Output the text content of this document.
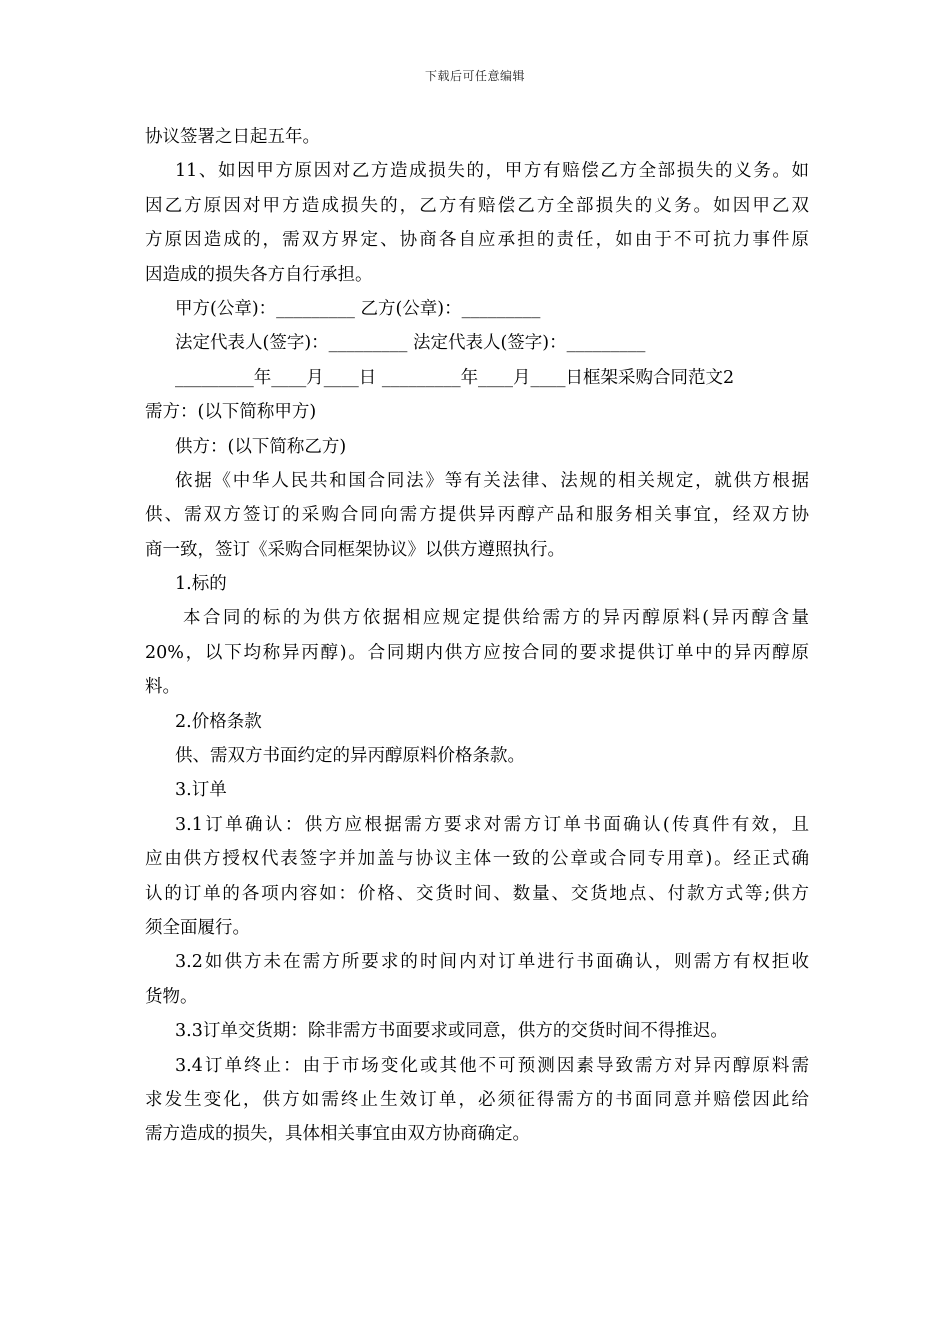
下载后可任意编辑
协议签署之日起五年。
11、如因甲方原因对乙方造成损失的，甲方有赔偿乙方全部损失的义务。如
因乙方原因对甲方造成损失的，乙方有赔偿乙方全部损失的义务。如因甲乙双
方原因造成的，需双方界定、协商各自应承担的责任，如由于不可抗力事件原
因造成的损失各方自行承担。
甲方(公章)：_________ 乙方(公章)：_________
法定代表人(签字)：_________ 法定代表人(签字)：_________
_________年____月____日 _________年____月____日框架采购合同范文2
需方：(以下简称甲方)
供方：(以下简称乙方)
依据《中华人民共和国合同法》等有关法律、法规的相关规定，就供方根据
供、需双方签订的采购合同向需方提供异丙醇产品和服务相关事宜，经双方协
商一致，签订《采购合同框架协议》以供方遵照执行。
1.标的
本合同的标的为供方依据相应规定提供给需方的异丙醇原料(异丙醇含量
20%，以下均称异丙醇)。合同期内供方应按合同的要求提供订单中的异丙醇原
料。
2.价格条款
供、需双方书面约定的异丙醇原料价格条款。
3.订单
3.1订单确认：供方应根据需方要求对需方订单书面确认(传真件有效，且
应由供方授权代表签字并加盖与协议主体一致的公章或合同专用章)。经正式确
认的订单的各项内容如：价格、交货时间、数量、交货地点、付款方式等;供方
须全面履行。
3.2如供方未在需方所要求的时间内对订单进行书面确认，则需方有权拒收
货物。
3.3订单交货期：除非需方书面要求或同意，供方的交货时间不得推迟。
3.4订单终止：由于市场变化或其他不可预测因素导致需方对异丙醇原料需
求发生变化，供方如需终止生效订单，必须征得需方的书面同意并赔偿因此给
需方造成的损失，具体相关事宜由双方协商确定。
